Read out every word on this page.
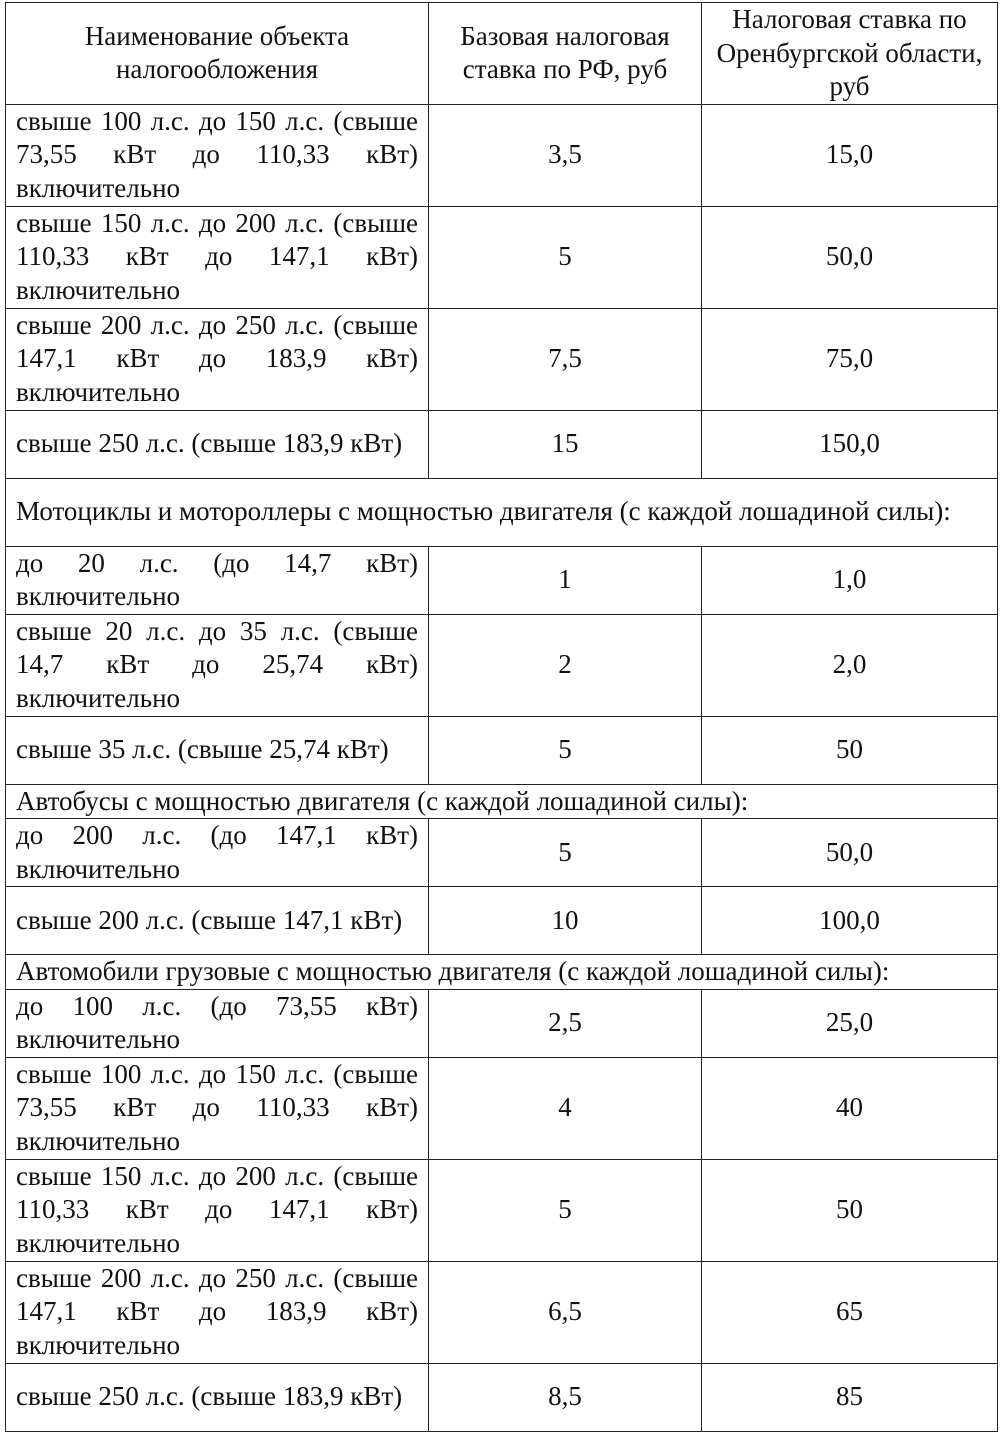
Наименование объекта налогообложения	Базовая налоговая ставка по РФ, руб	Налоговая ставка по Оренбургской области, руб
свыше 100 л.с. до 150 л.с. (свыше 73,55 кВт до 110,33 кВт) включительно	3,5	15,0
свыше 150 л.с. до 200 л.с. (свыше 110,33 кВт до 147,1 кВт) включительно	5	50,0
свыше 200 л.с. до 250 л.с. (свыше 147,1 кВт до 183,9 кВт) включительно	7,5	75,0
свыше 250 л.с. (свыше 183,9 кВт)	15	150,0
Мотоциклы и мотороллеры с мощностью двигателя (с каждой лошадиной силы):		
до 20 л.с. (до 14,7 кВт) включительно	1	1,0
свыше 20 л.с. до 35 л.с. (свыше 14,7 кВт до 25,74 кВт) включительно	2	2,0
свыше 35 л.с. (свыше 25,74 кВт)	5	50
Автобусы с мощностью двигателя (с каждой лошадиной силы):		
до 200 л.с. (до 147,1 кВт) включительно	5	50,0
свыше 200 л.с. (свыше 147,1 кВт)	10	100,0
Автомобили грузовые с мощностью двигателя (с каждой лошадиной силы):		
до 100 л.с. (до 73,55 кВт) включительно	2,5	25,0
свыше 100 л.с. до 150 л.с. (свыше 73,55 кВт до 110,33 кВт) включительно	4	40
свыше 150 л.с. до 200 л.с. (свыше 110,33 кВт до 147,1 кВт) включительно	5	50
свыше 200 л.с. до 250 л.с. (свыше 147,1 кВт до 183,9 кВт) включительно	6,5	65
свыше 250 л.с. (свыше 183,9 кВт)	8,5	85
